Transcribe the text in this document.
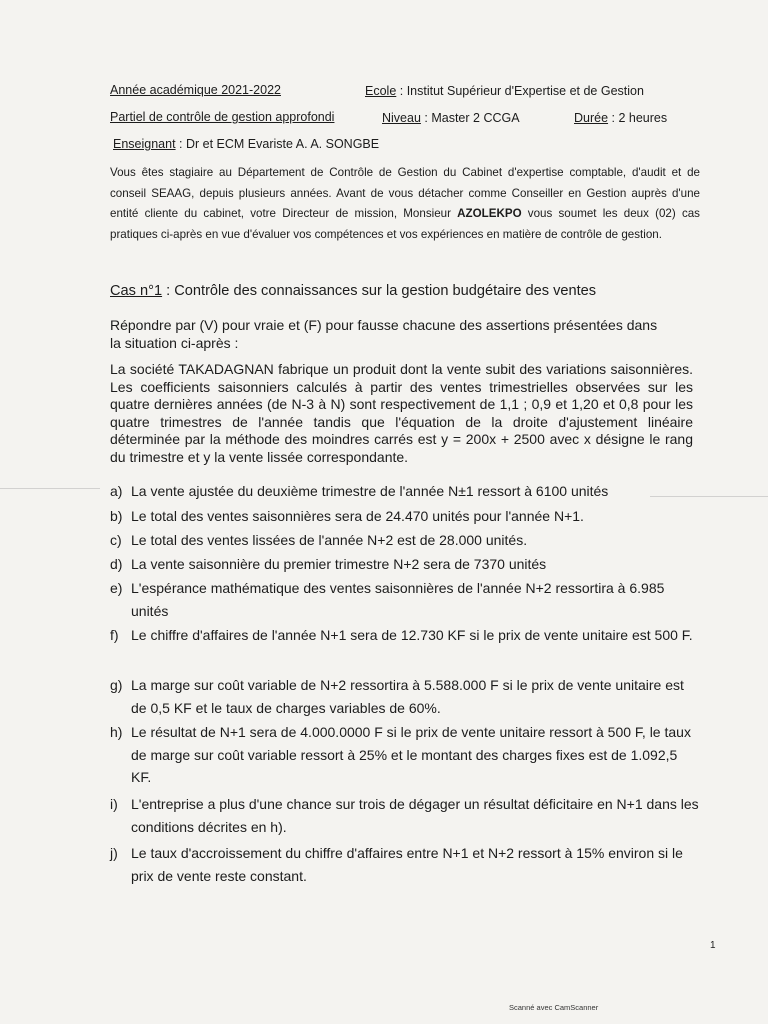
Année académique 2021-2022	Ecole : Institut Supérieur d'Expertise et de Gestion
Partiel de contrôle de gestion approfondi	Niveau : Master 2 CCGA	Durée : 2 heures
Enseignant : Dr et ECM Evariste A. A. SONGBE
Vous êtes stagiaire au Département de Contrôle de Gestion du Cabinet d'expertise comptable, d'audit et de conseil SEAAG, depuis plusieurs années. Avant de vous détacher comme Conseiller en Gestion auprès d'une entité cliente du cabinet, votre Directeur de mission, Monsieur AZOLEKPO vous soumet les deux (02) cas pratiques ci-après en vue d'évaluer vos compétences et vos expériences en matière de contrôle de gestion.
Cas n°1 : Contrôle des connaissances sur la gestion budgétaire des ventes
Répondre par (V) pour vraie et (F) pour fausse chacune des assertions présentées dans la situation ci-après :
La société TAKADAGNAN fabrique un produit dont la vente subit des variations saisonnières. Les coefficients saisonniers calculés à partir des ventes trimestrielles observées sur les quatre dernières années (de N-3 à N) sont respectivement de 1,1 ; 0,9 et 1,20 et 0,8 pour les quatre trimestres de l'année tandis que l'équation de la droite d'ajustement linéaire déterminée par la méthode des moindres carrés est y = 200x + 2500 avec x désigne le rang du trimestre et y la vente lissée correspondante.
a) La vente ajustée du deuxième trimestre de l'année N±1 ressort à 6100 unités
b) Le total des ventes saisonnières sera de 24.470 unités pour l'année N+1.
c) Le total des ventes lissées de l'année N+2 est de 28.000 unités.
d) La vente saisonnière du premier trimestre N+2 sera de 7370 unités
e) L'espérance mathématique des ventes saisonnières de l'année N+2 ressortira à 6.985 unités
f) Le chiffre d'affaires de l'année N+1 sera de 12.730 KF si le prix de vente unitaire est 500 F.
g) La marge sur coût variable de N+2 ressortira à 5.588.000 F si le prix de vente unitaire est de 0,5 KF et le taux de charges variables de 60%.
h) Le résultat de N+1 sera de 4.000.0000 F si le prix de vente unitaire ressort à 500 F, le taux de marge sur coût variable ressort à 25% et le montant des charges fixes est de 1.092,5 KF.
i) L'entreprise a plus d'une chance sur trois de dégager un résultat déficitaire en N+1 dans les conditions décrites en h).
j) Le taux d'accroissement du chiffre d'affaires entre N+1 et N+2 ressort à 15% environ si le prix de vente reste constant.
1
Scanné avec CamScanner
